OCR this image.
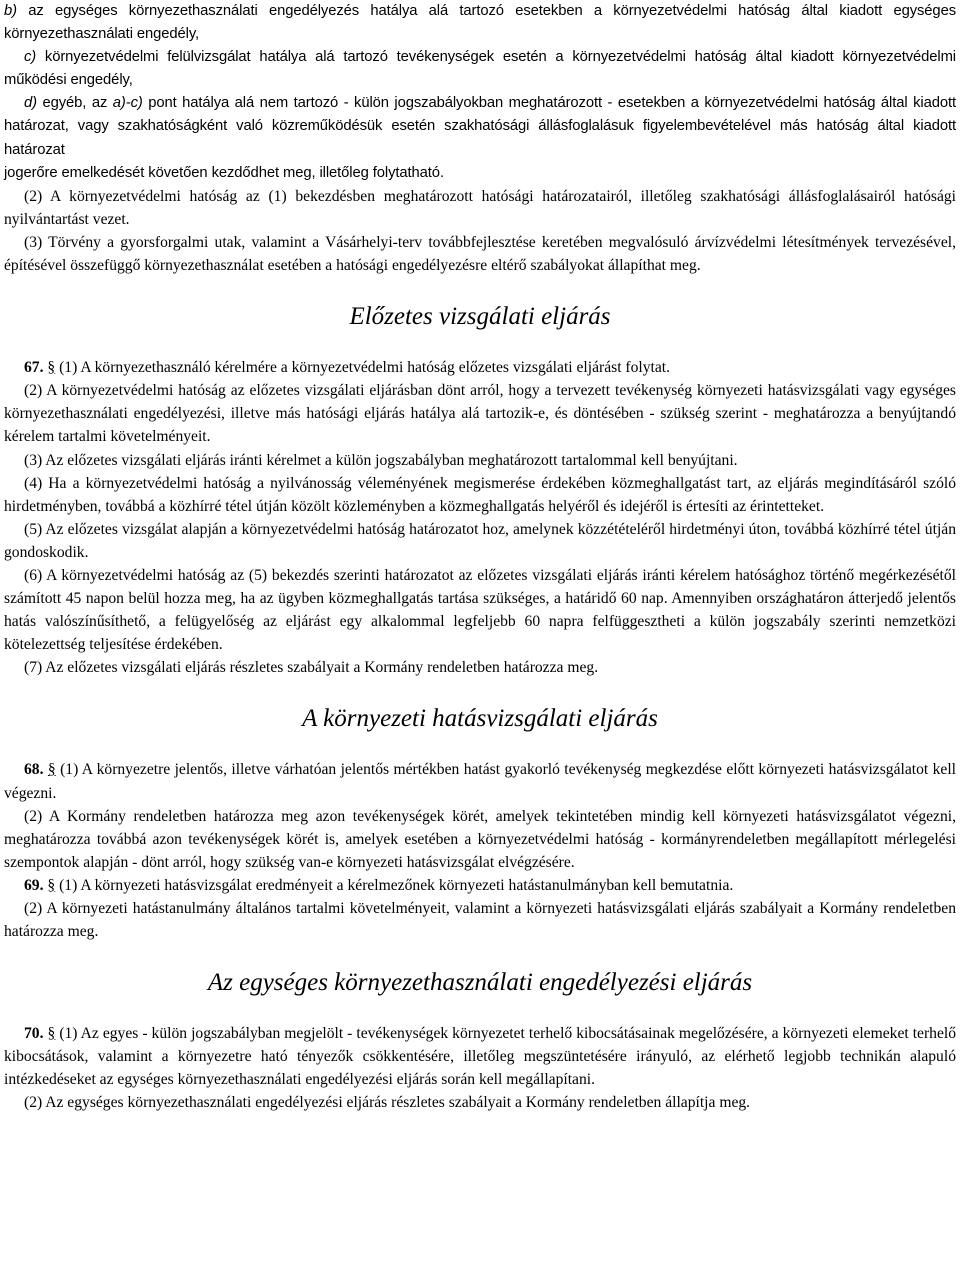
b) az egységes környezethasználati engedélyezés hatálya alá tartozó esetekben a környezetvédelmi hatóság által kiadott egységes környezethasználati engedély,

c) környezetvédelmi felülvizsgálat hatálya alá tartozó tevékenységek esetén a környezetvédelmi hatóság által kiadott környezetvédelmi működési engedély,

d) egyéb, az a)-c) pont hatálya alá nem tartozó - külön jogszabályokban meghatározott - esetekben a környezetvédelmi hatóság által kiadott határozat, vagy szakhatóságként való közreműködésük esetén szakhatósági állásfoglalásuk figyelembevételével más hatóság által kiadott határozat

jogerőre emelkedését követően kezdődhet meg, illetőleg folytatható.

(2) A környezetvédelmi hatóság az (1) bekezdésben meghatározott hatósági határozatairól, illetőleg szakhatósági állásfoglalásairól hatósági nyilvántartást vezet.

(3) Törvény a gyorsforgalmi utak, valamint a Vásárhelyi-terv továbbfejlesztése keretében megvalósuló árvízvédelmi létesítmények tervezésével, építésével összefüggő környezethasználat esetében a hatósági engedélyezésre eltérő szabályokat állapíthat meg.

Előzetes vizsgálati eljárás

67. § (1) A környezethasználó kérelmére a környezetvédelmi hatóság előzetes vizsgálati eljárást folytat.

(2) A környezetvédelmi hatóság az előzetes vizsgálati eljárásban dönt arról, hogy a tervezett tevékenység környezeti hatásvizsgálati vagy egységes környezethasználati engedélyezési, illetve más hatósági eljárás hatálya alá tartozik-e, és döntésében - szükség szerint - meghatározza a benyújtandó kérelem tartalmi követelményeit.

(3) Az előzetes vizsgálati eljárás iránti kérelmet a külön jogszabályban meghatározott tartalommal kell benyújtani.

(4) Ha a környezetvédelmi hatóság a nyilvánosság véleményének megismerése érdekében közmeghallgatást tart, az eljárás megindításáról szóló hirdetményben, továbbá a közhírré tétel útján közölt közleményben a közmeghallgatás helyéről és idejéről is értesíti az érintetteket.

(5) Az előzetes vizsgálat alapján a környezetvédelmi hatóság határozatot hoz, amelynek közzétételéről hirdetményi úton, továbbá közhírré tétel útján gondoskodik.

(6) A környezetvédelmi hatóság az (5) bekezdés szerinti határozatot az előzetes vizsgálati eljárás iránti kérelem hatósághoz történő megérkezésétől számított 45 napon belül hozza meg, ha az ügyben közmeghallgatás tartása szükséges, a határidő 60 nap. Amennyiben országhatáron átterjedő jelentős hatás valószínűsíthető, a felügyelőség az eljárást egy alkalommal legfeljebb 60 napra felfüggesztheti a külön jogszabály szerinti nemzetközi kötelezettség teljesítése érdekében.

(7) Az előzetes vizsgálati eljárás részletes szabályait a Kormány rendeletben határozza meg.

A környezeti hatásvizsgálati eljárás

68. § (1) A környezetre jelentős, illetve várhatóan jelentős mértékben hatást gyakorló tevékenység megkezdése előtt környezeti hatásvizsgálatot kell végezni.

(2) A Kormány rendeletben határozza meg azon tevékenységek körét, amelyek tekintetében mindig kell környezeti hatásvizsgálatot végezni, meghatározza továbbá azon tevékenységek körét is, amelyek esetében a környezetvédelmi hatóság - kormányrendeletben megállapított mérlegelési szempontok alapján - dönt arról, hogy szükség van-e környezeti hatásvizsgálat elvégzésére.

69. § (1) A környezeti hatásvizsgálat eredményeit a kérelmezőnek környezeti hatástanulmányban kell bemutatnia.

(2) A környezeti hatástanulmány általános tartalmi követelményeit, valamint a környezeti hatásvizsgálati eljárás szabályait a Kormány rendeletben határozza meg.

Az egységes környezethasználati engedélyezési eljárás

70. § (1) Az egyes - külön jogszabályban megjelölt - tevékenységek környezetet terhelő kibocsátásainak megelőzésére, a környezeti elemeket terhelő kibocsátások, valamint a környezetre ható tényezők csökkentésére, illetőleg megszüntetésére irányuló, az elérhető legjobb technikán alapuló intézkedéseket az egységes környezethasználati engedélyezési eljárás során kell megállapítani.

(2) Az egységes környezethasználati engedélyezési eljárás részletes szabályait a Kormány rendeletben állapítja meg.
